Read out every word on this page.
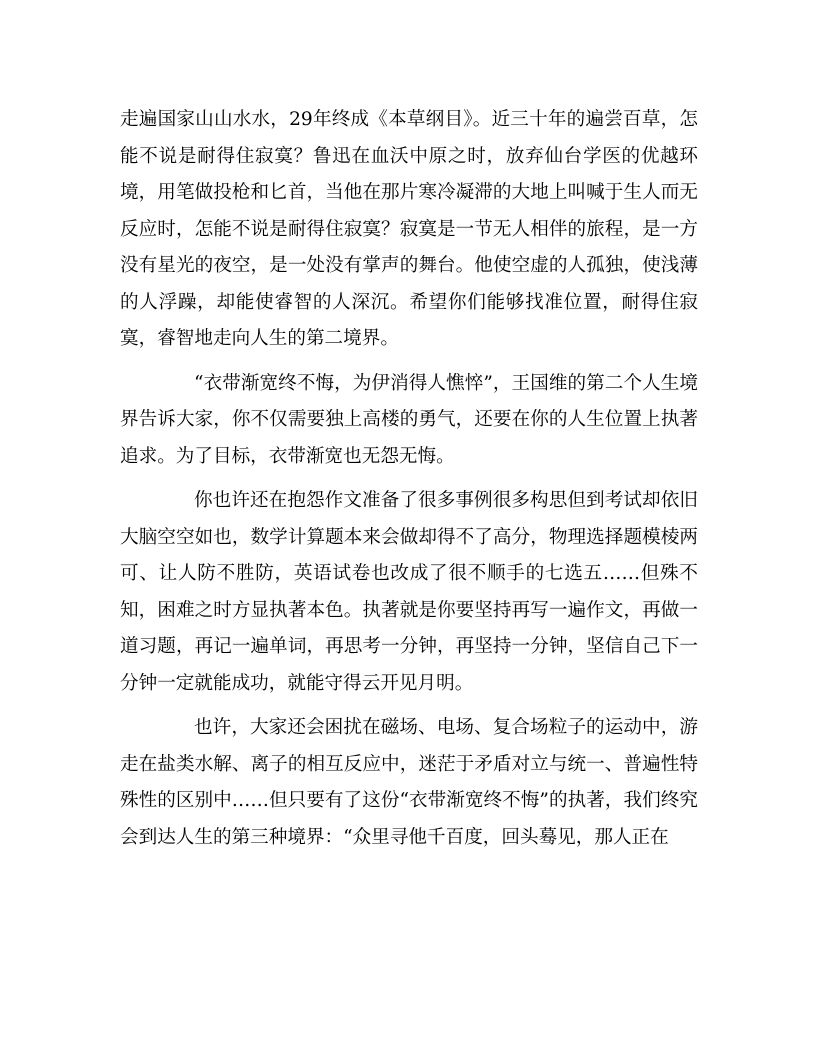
走遍国家山山水水，29年终成《本草纲目》。近三十年的遍尝百草，怎能不说是耐得住寂寞？鲁迅在血沃中原之时，放弃仙台学医的优越环境，用笔做投枪和匕首，当他在那片寒冷凝滞的大地上叫喊于生人而无反应时，怎能不说是耐得住寂寞？寂寞是一节无人相伴的旅程，是一方没有星光的夜空，是一处没有掌声的舞台。他使空虚的人孤独，使浅薄的人浮躁，却能使睿智的人深沉。希望你们能够找准位置，耐得住寂寞，睿智地走向人生的第二境界。

“衣带渐宽终不悔，为伊消得人憔悴”，王国维的第二个人生境界告诉大家，你不仅需要独上高楼的勇气，还要在你的人生位置上执著追求。为了目标，衣带渐宽也无怨无悔。

你也许还在抱怨作文准备了很多事例很多构思但到考试却依旧大脑空空如也，数学计算题本来会做却得不了高分，物理选择题模棱两可、让人防不胜防，英语试卷也改成了很不顺手的七选五……但殊不知，困难之时方显执著本色。执著就是你要坚持再写一遍作文，再做一道习题，再记一遍单词，再思考一分钟，再坚持一分钟，坚信自己下一分钟一定就能成功，就能守得云开见月明。

也许，大家还会困扰在磁场、电场、复合场粒子的运动中，游走在盐类水解、离子的相互反应中，迷茫于矛盾对立与统一、普遍性特殊性的区别中……但只要有了这份“衣带渐宽终不悔”的执著，我们终究会到达人生的第三种境界：“众里寻他千百度，回头蓦见，那人正在
